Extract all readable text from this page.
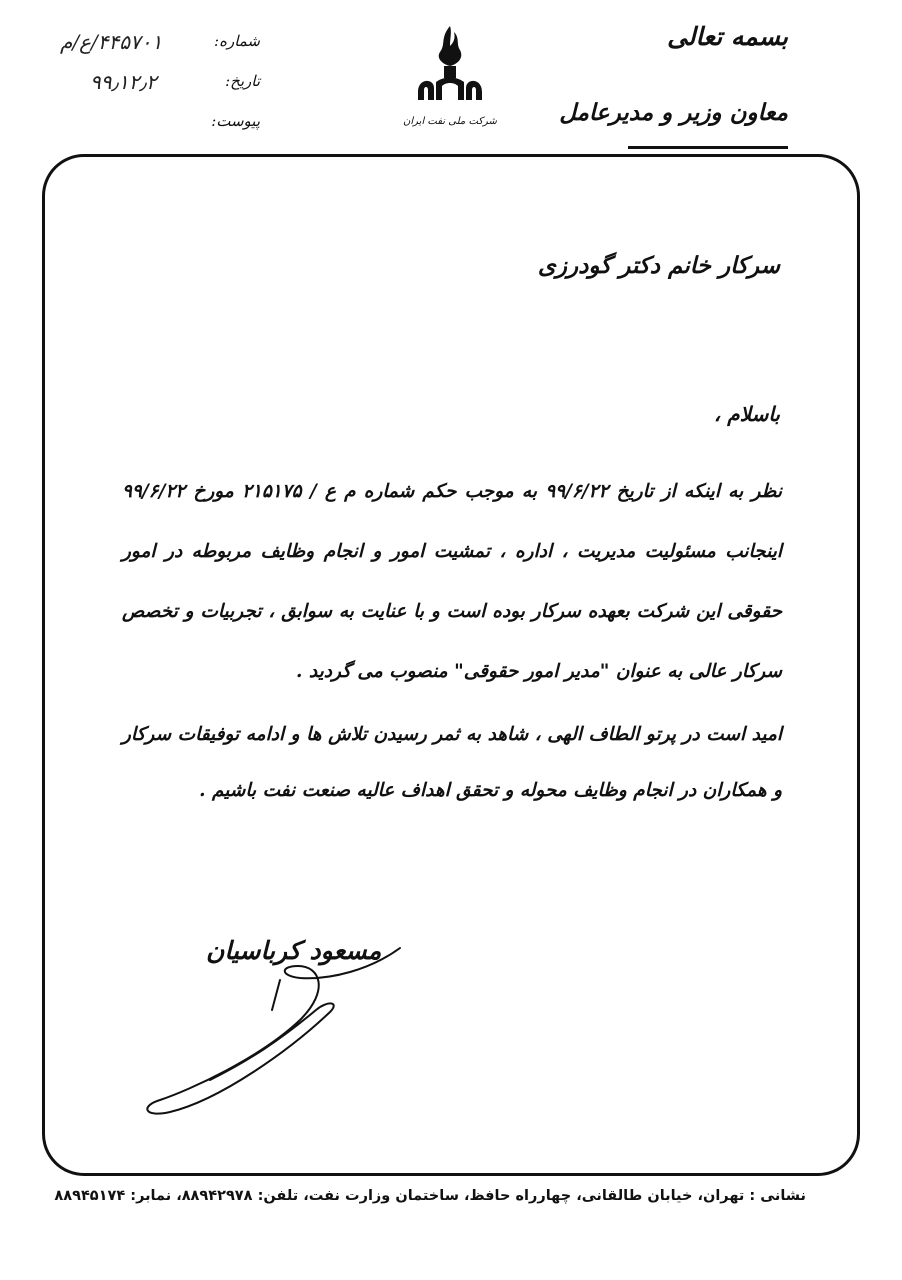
بسمه تعالی
معاون وزیر و مدیرعامل
شرکت ملی نفت ایران
شماره:
۴۴۵۷۰۱/ع/م
تاریخ:
۹۹٫۱۲٫۲
پیوست:
سرکار خانم دکتر گودرزی
باسلام ،
نظر به اینکه از تاریخ ۹۹/۶/۲۲ به موجب حکم شماره م ع / ۲۱۵۱۷۵ مورخ ۹۹/۶/۲۲ اینجانب مسئولیت مدیریت ، اداره ، تمشیت امور و انجام وظایف مربوطه در امور حقوقی این شرکت بعهده سرکار بوده است و با عنایت به سوابق ، تجربیات و تخصص سرکار عالی به عنوان "مدیر امور حقوقی" منصوب می گردید .
امید است در پرتو الطاف الهی ، شاهد به ثمر رسیدن تلاش ها و ادامه توفیقات سرکار و همکاران در انجام وظایف محوله و تحقق اهداف عالیه صنعت نفت باشیم .
مسعود کرباسیان
نشانی : تهران، خیابان طالقانی، چهارراه حافظ، ساختمان وزارت نفت، تلفن: ۸۸۹۴۲۹۷۸، نمابر: ۸۸۹۴۵۱۷۴
